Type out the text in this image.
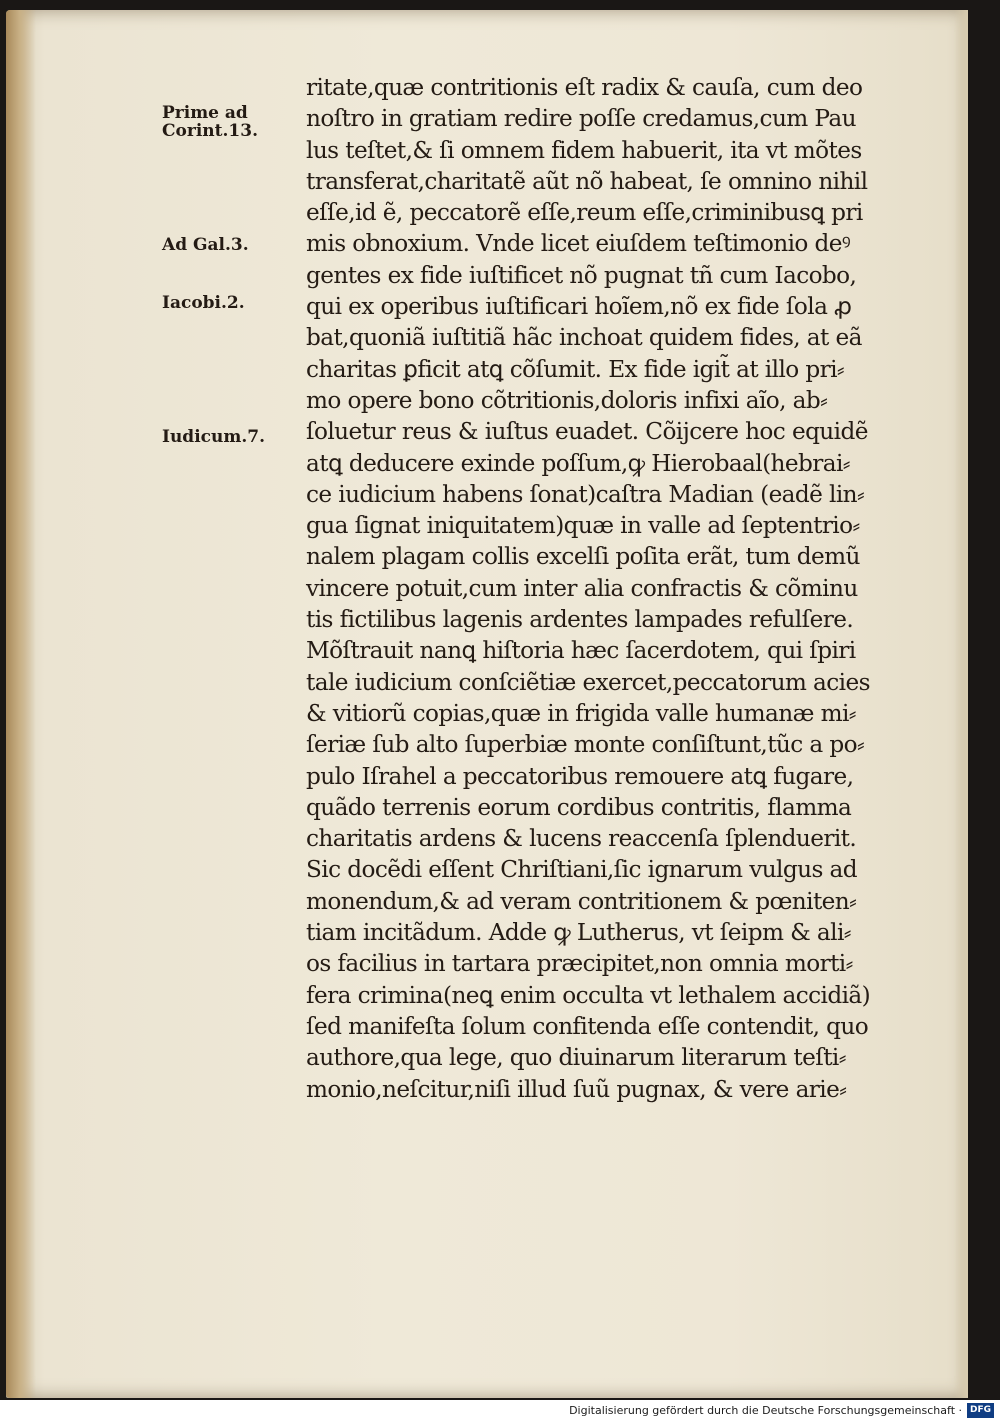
Prime ad
Corint.13.
Ad Gal.3.
Iacobi.2.
Iudicum.7.
ritate,quæ contritionis eſt radix & cauſa, cum deo
noſtro in gratiam redire poſſe credamus,cum Pau
lus teſtet,& ſi omnem fidem habuerit, ita vt mõtes
transferat,charitatẽ aũt nõ habeat, ſe omnino nihil
eſſe,id ẽ, peccatorẽ eſſe,reum eſſe,criminibusꝗ pri
mis obnoxium. Vnde licet eiuſdem teſtimonio deꝰ
gentes ex fide iuſtificet nõ pugnat tñ cum Iacobo,
qui ex operibus iuſtificari hoĩem,nõ ex fide ſola ꝓ
bat,quoniã iuſtitiã hãc inchoat quidem fides, at eã
charitas ꝑficit atꝗ cõſumit. Ex fide igit̃ at illo pri⸗
mo opere bono cõtritionis,doloris infixi aĩo, ab⸗
ſoluetur reus & iuſtus euadet. Cõijcere hoc equidẽ
atꝗ deducere exinde poſſum,ꝙ Hierobaal(hebrai⸗
ce iudicium habens ſonat)caſtra Madian (eadẽ lin⸗
gua ſignat iniquitatem)quæ in valle ad ſeptentrio⸗
nalem plagam collis excelſi poſita erãt, tum demũ
vincere potuit,cum inter alia confractis & cõminu
tis fictilibus lagenis ardentes lampades refulſere.
Mõſtrauit nanꝗ hiſtoria hæc ſacerdotem, qui ſpiri
tale iudicium conſciẽtiæ exercet,peccatorum acies
& vitiorũ copias,quæ in frigida valle humanæ mi⸗
ſeriæ ſub alto ſuperbiæ monte conſiſtunt,tũc a po⸗
pulo Iſrahel a peccatoribus remouere atꝗ fugare,
quãdo terrenis eorum cordibus contritis, flamma
charitatis ardens & lucens reaccenſa ſplenduerit.
Sic docẽdi eſſent Chriſtiani,ſic ignarum vulgus ad
monendum,& ad veram contritionem & pœniten⸗
tiam incitãdum. Adde ꝙ Lutherus, vt ſeipm & ali⸗
os facilius in tartara præcipitet,non omnia morti⸗
fera crimina(neꝗ enim occulta vt lethalem accidiã)
ſed manifeſta ſolum confitenda eſſe contendit, quo
authore,qua lege, quo diuinarum literarum teſti⸗
monio,neſcitur,niſi illud ſuũ pugnax, & vere arie⸗
Digitalisierung gefördert durch die Deutsche Forschungsgemeinschaft · DFG
